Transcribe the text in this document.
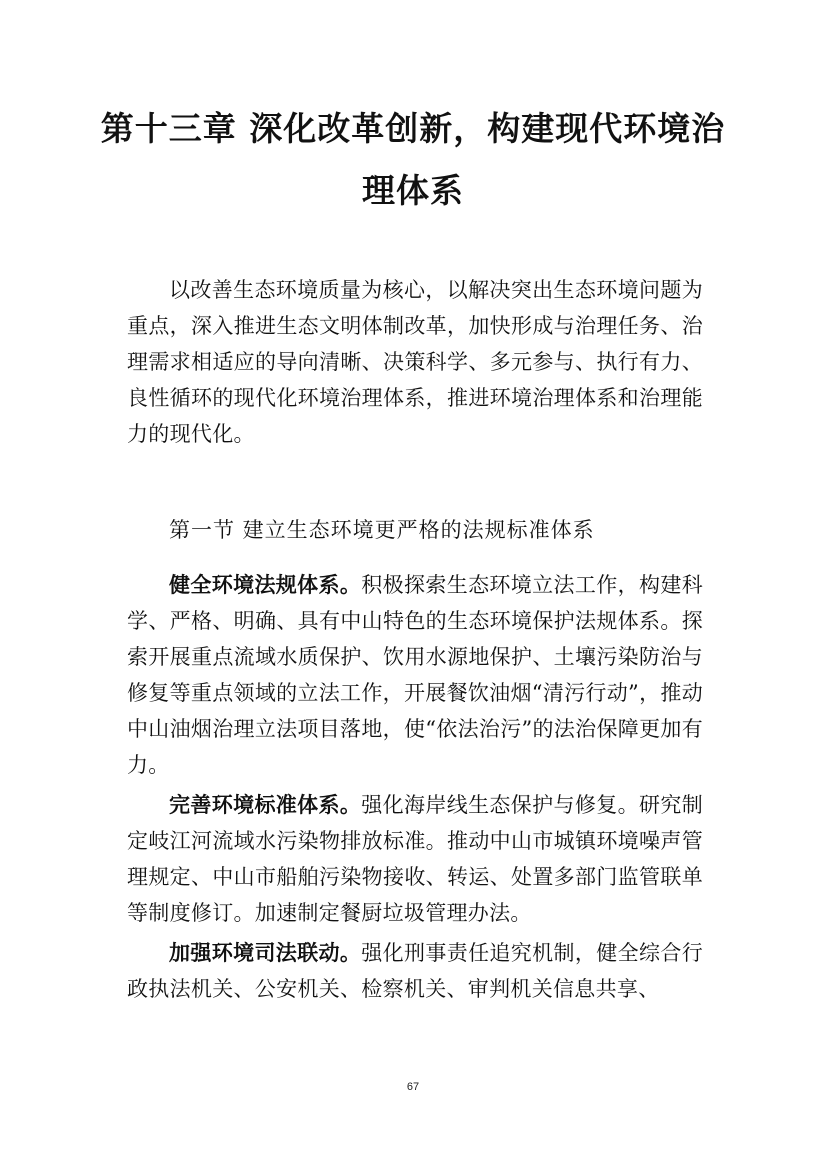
第十三章 深化改革创新，构建现代环境治理体系

以改善生态环境质量为核心，以解决突出生态环境问题为重点，深入推进生态文明体制改革，加快形成与治理任务、治理需求相适应的导向清晰、决策科学、多元参与、执行有力、良性循环的现代化环境治理体系，推进环境治理体系和治理能力的现代化。

第一节 建立生态环境更严格的法规标准体系

健全环境法规体系。积极探索生态环境立法工作，构建科学、严格、明确、具有中山特色的生态环境保护法规体系。探索开展重点流域水质保护、饮用水源地保护、土壤污染防治与修复等重点领域的立法工作，开展餐饮油烟“清污行动”，推动中山油烟治理立法项目落地，使“依法治污”的法治保障更加有力。

完善环境标准体系。强化海岸线生态保护与修复。研究制定岐江河流域水污染物排放标准。推动中山市城镇环境噪声管理规定、中山市船舶污染物接收、转运、处置多部门监管联单等制度修订。加速制定餐厨垃圾管理办法。

加强环境司法联动。强化刑事责任追究机制，健全综合行政执法机关、公安机关、检察机关、审判机关信息共享、

67
